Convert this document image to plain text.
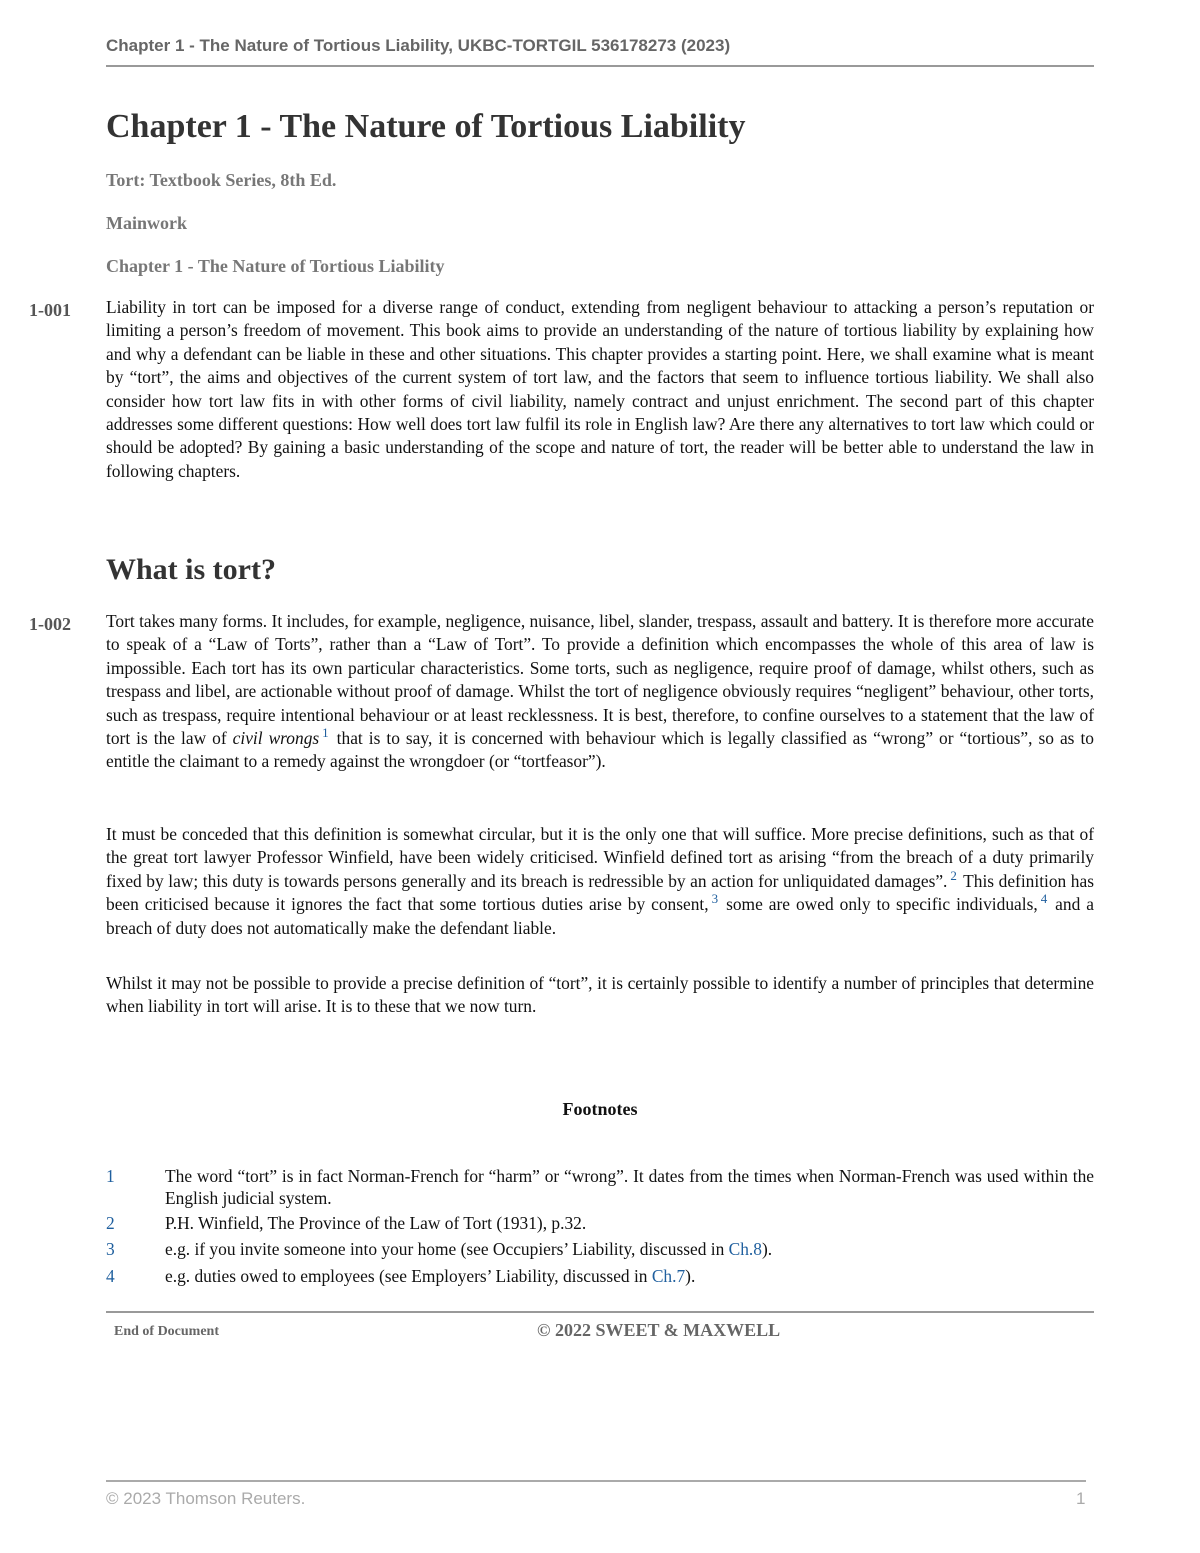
Chapter 1 - The Nature of Tortious Liability, UKBC-TORTGIL 536178273 (2023)
Chapter 1 - The Nature of Tortious Liability

Tort: Textbook Series, 8th Ed.

Mainwork

Chapter 1 - The Nature of Tortious Liability

1-001 Liability in tort can be imposed for a diverse range of conduct, extending from negligent behaviour to attacking a person’s reputation or limiting a person’s freedom of movement. This book aims to provide an understanding of the nature of tortious liability by explaining how and why a defendant can be liable in these and other situations. This chapter provides a starting point. Here, we shall examine what is meant by “tort”, the aims and objectives of the current system of tort law, and the factors that seem to influence tortious liability. We shall also consider how tort law fits in with other forms of civil liability, namely contract and unjust enrichment. The second part of this chapter addresses some different questions: How well does tort law fulfil its role in English law? Are there any alternatives to tort law which could or should be adopted? By gaining a basic understanding of the scope and nature of tort, the reader will be better able to understand the law in following chapters.

What is tort?
1-002 Tort takes many forms. It includes, for example, negligence, nuisance, libel, slander, trespass, assault and battery. It is therefore more accurate to speak of a “Law of Torts”, rather than a “Law of Tort”. To provide a definition which encompasses the whole of this area of law is impossible. Each tort has its own particular characteristics. Some torts, such as negligence, require proof of damage, whilst others, such as trespass and libel, are actionable without proof of damage. Whilst the tort of negligence obviously requires “negligent” behaviour, other torts, such as trespass, require intentional behaviour or at least recklessness. It is best, therefore, to confine ourselves to a statement that the law of tort is the law of civil wrongs $^1$ that is to say, it is concerned with behaviour which is legally classified as “wrong” or “tortious”, so as to entitle the claimant to a remedy against the wrongdoer (or “tortfeasor”).

It must be conceded that this definition is somewhat circular, but it is the only one that will suffice. More precise definitions, such as that of the great tort lawyer Professor Winfield, have been widely criticised. Winfield defined tort as arising “from the breach of a duty primarily fixed by law; this duty is towards persons generally and its breach is redressible by an action for unliquidated damages”. $^2$ This definition has been criticised because it ignores the fact that some tortious duties arise by consent, $^3$ some are owed only to specific individuals, $^4$ and a breach of duty does not automatically make the defendant liable.

Whilst it may not be possible to provide a precise definition of “tort”, it is certainly possible to identify a number of principles that determine when liability in tort will arise. It is to these that we now turn.

Footnotes
1	The word “tort” is in fact Norman-French for “harm” or “wrong”. It dates from the times when Norman-French was used within the English judicial system.
2	P.H. Winfield, The Province of the Law of Tort (1931), p.32.
3	e.g. if you invite someone into your home (see Occupiers’ Liability, discussed in Ch.8).
4	e.g. duties owed to employees (see Employers’ Liability, discussed in Ch.7).
End of Document	© 2022 SWEET & MAXWELL
© 2023 Thomson Reuters.	1
